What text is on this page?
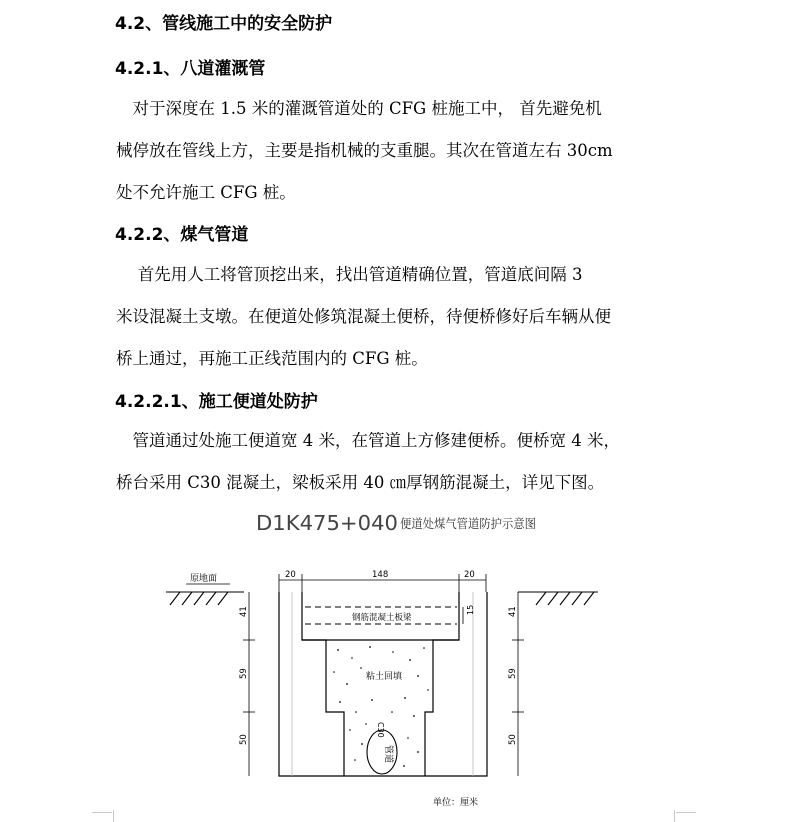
4.2、管线施工中的安全防护
4.2.1、八道灌溉管
　对于深度在 1.5 米的灌溉管道处的 CFG 桩施工中， 首先避免机
械停放在管线上方，主要是指机械的支重腿。其次在管道左右 30cm
处不允许施工 CFG 桩。
4.2.2、煤气管道
　 首先用人工将管顶挖出来，找出管道精确位置，管道底间隔 3
米设混凝土支墩。在便道处修筑混凝土便桥，待便桥修好后车辆从便
桥上通过，再施工正线范围内的 CFG 桩。
4.2.2.1、施工便道处防护
　管道通过处施工便道宽 4 米，在管道上方修建便桥。便桥宽 4 米，
桥台采用 C30 混凝土，梁板采用 40 ㎝厚钢筋混凝土，详见下图。
D1K475+040 便道处煤气管道防护示意图
原地面	20	148	20
钢筋混凝土板梁
15
粘土回填
C30
管道
41
59
50
41
59
50
单位：厘米
